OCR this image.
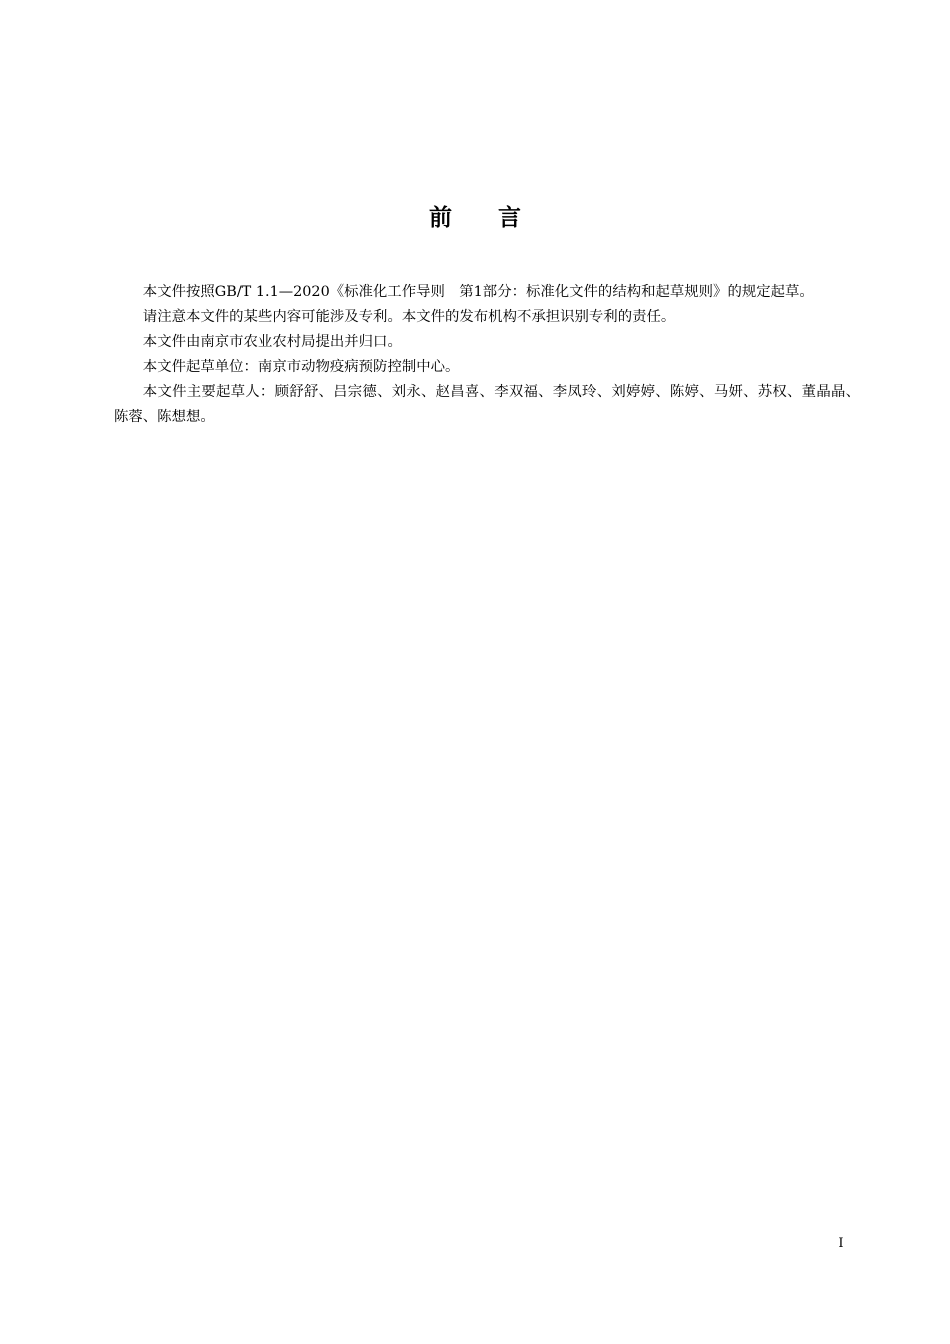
前言

本文件按照GB/T 1.1—2020《标准化工作导则　第1部分：标准化文件的结构和起草规则》的规定起草。

请注意本文件的某些内容可能涉及专利。本文件的发布机构不承担识别专利的责任。

本文件由南京市农业农村局提出并归口。

本文件起草单位：南京市动物疫病预防控制中心。

本文件主要起草人：顾舒舒、吕宗德、刘永、赵昌喜、李双福、李凤玲、刘婷婷、陈婷、马妍、苏权、董晶晶、陈蓉、陈想想。

I
